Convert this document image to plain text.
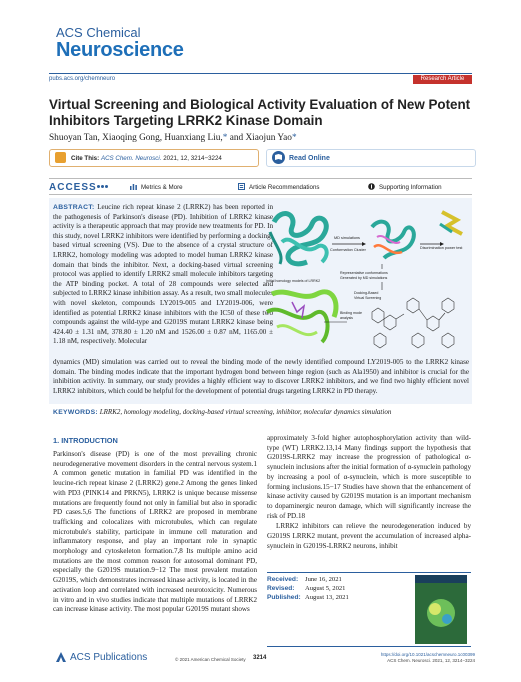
ACS Chemical
Neuroscience
pubs.acs.org/chemneuro	Research Article
Virtual Screening and Biological Activity Evaluation of New Potent Inhibitors Targeting LRRK2 Kinase Domain
Shuoyan Tan, Xiaoqing Gong, Huanxiang Liu,* and Xiaojun Yao*
Cite This: ACS Chem. Neurosci. 2021, 12, 3214−3224	Read Online
ACCESS	Metrics & More	Article Recommendations	Supporting Information
ABSTRACT: Leucine rich repeat kinase 2 (LRRK2) has been reported in the pathogenesis of Parkinson's disease (PD). Inhibition of LRRK2 kinase activity is a therapeutic approach that may provide new treatments for PD. In this study, novel LRRK2 inhibitors were identified by performing a docking-based virtual screening (VS). Due to the absence of a crystal structure of LRRK2, homology modeling was adopted to model human LRRK2 kinase domain that binds the inhibitor. Next, a docking-based virtual screening protocol was applied to identify LRRK2 small molecule inhibitors targeting the ATP binding pocket. A total of 28 compounds were selected and subjected to LRRK2 kinase inhibition assay. As a result, two small molecules with novel skeleton, compounds LY2019-005 and LY2019-006, were identified as potential LRRK2 kinase inhibitors with the IC50 of these two compounds against the wild-type and G2019S mutant LRRK2 kinase being 424.40 ± 1.31 nM, 378.80 ± 1.20 nM and 1526.00 ± 0.87 nM, 1165.00 ± 1.18 nM, respectively. Molecular
dynamics (MD) simulation was carried out to reveal the binding mode of the newly identified compound LY2019-005 to the LRRK2 kinase domain. The binding modes indicate that the important hydrogen bond between hinge region (such as Ala1950) and inhibitor is crucial for the inhibition activity. In summary, our study provides a highly efficient way to discover LRRK2 inhibitors, and we find two highly efficient novel LRRK2 inhibitors, which could be helpful for the development of potential drugs targeting LRRK2 in PD therapy.
Initial homology models of LRRK2
MD simulations
Conformation Cluster	Discrimination power test
Representative conformations
Generated by MD simulations
Docking-Based
Virtual Screening
Binding mode
analysis
KEYWORDS: LRRK2, homology modeling, docking-based virtual screening, inhibitor, molecular dynamics simulation
1. INTRODUCTION
Parkinson's disease (PD) is one of the most prevailing chronic neurodegenerative movement disorders in the central nervous system.1 A common genetic mutation in familial PD was identified in the leucine-rich repeat kinase 2 (LRRK2) gene.2 Among the genes linked with PD3 (PINK14 and PRKN5), LRRK2 is unique because missense mutations are frequently found not only in familial but also in sporadic PD cases.5,6 The functions of LRRK2 are proposed in membrane trafficking and colocalizes with microtubules, which can regulate microtubule's stability, participate in immune cell maturation and inflammatory response, and play an important role in synaptic morphology and cytoskeleton formation.7,8 Its multiple amino acid mutations are the most common reason for autosomal dominant PD, especially the G2019S mutation.9−12 The most prevalent mutation G2019S, which demonstrates increased kinase activity, is located in the activation loop and correlated with increased neurotoxicity. Numerous in vitro and in vivo studies indicate that multiple mutations of LRRK2 can increase kinase activity. The most popular G2019S mutant shows
approximately 3-fold higher autophosphorylation activity than wild-type (WT) LRRK2.13,14 Many findings support the hypothesis that G2019S-LRRK2 may increase the progression of pathological α-synuclein inclusions after the initial formation of α-synuclein pathology by increasing a pool of α-synuclein, which is more susceptible to forming inclusions.15−17 Studies have shown that the enhancement of kinase activity caused by G2019S mutation is an important mechanism to dopaminergic neuron damage, which will significantly increase the risk of PD.18
LRRK2 inhibitors can relieve the neurodegeneration induced by G2019S LRRK2 mutant, prevent the accumulation of increased alpha-synuclein in G2019S-LRRK2 neurons, inhibit
Received: June 16, 2021
Revised: August 5, 2021
Published: August 13, 2021
ACS Publications	© 2021 American Chemical Society 3214
https://doi.org/10.1021/acschemneuro.1c00399
ACS Chem. Neurosci. 2021, 12, 3214−3224
